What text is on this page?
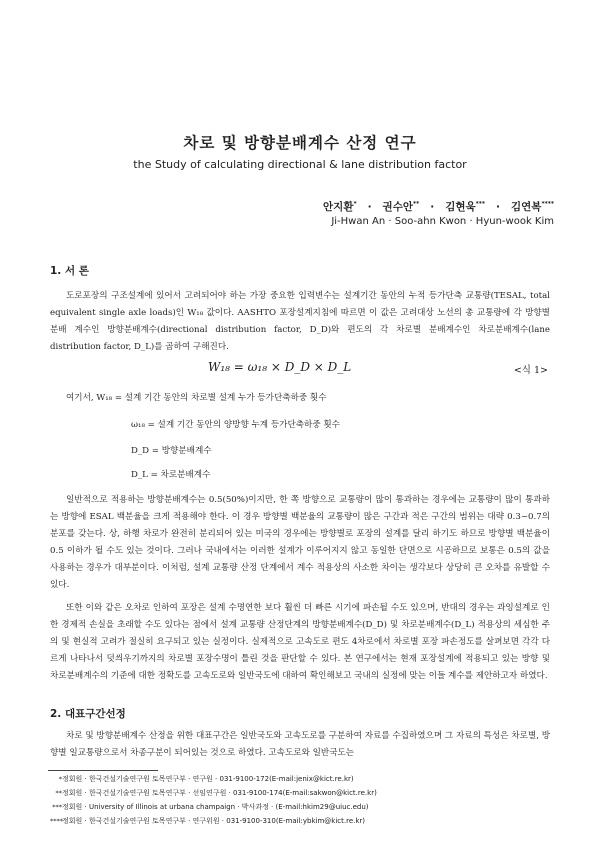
차로 및 방향분배계수 산정 연구
the Study of calculating directional & lane distribution factor
안지환* · 권수안** · 김현욱*** · 김연복****
Ji-Hwan An · Soo-ahn Kwon · Hyun-wook Kim
1. 서 론

도로포장의 구조설계에 있어서 고려되어야 하는 가장 중요한 입력변수는 설계기간 동안의 누적 등가단축 교통량(TESAL, total equivalent single axle loads)인 W₁₈ 값이다. AASHTO 포장설계지침에 따르면 이 값은 고려대상 노선의 총 교통량에 각 방향별 분배 계수인 방향분배계수(directional distribution factor, D_D)와 편도의 각 차로별 분배계수인 차로분배계수(lane distribution factor, D_L)를 곱하여 구해진다.

W₁₈ = ω₁₈ × D_D × D_L	<식 1>
여기서, W₁₈ = 설계 기간 동안의 차로별 설계 누가 등가단축하중 횟수
ω₁₈ = 설계 기간 동안의 양방향 누계 등가단축하중 횟수
D_D = 방향분배계수
D_L = 차로분배계수

일반적으로 적용하는 방향분배계수는 0.5(50%)이지만, 한 쪽 방향으로 교통량이 많이 통과하는 경우에는 교통량이 많이 통과하는 방향에 ESAL 백분율을 크게 적용해야 한다. 이 경우 방향별 백분율의 교통량이 많은 구간과 적은 구간의 범위는 대략 0.3~0.7의 분포를 갖는다. 상, 하행 차로가 완전히 분리되어 있는 미국의 경우에는 방향별로 포장의 설계를 달리 하기도 하므로 방향별 백분율이 0.5 이하가 될 수도 있는 것이다. 그러나 국내에서는 이러한 설계가 이루어지지 않고 동일한 단면으로 시공하므로 보통은 0.5의 값을 사용하는 경우가 대부분이다. 이처럼, 설계 교통량 산정 단계에서 계수 적용상의 사소한 차이는 생각보다 상당히 큰 오차를 유발할 수 있다.

또한 이와 같은 오차로 인하여 포장은 설계 수명연한 보다 훨씬 더 빠른 시기에 파손될 수도 있으며, 반대의 경우는 과잉설계로 인한 경제적 손실을 초래할 수도 있다는 점에서 설계 교통량 산정단계의 방향분배계수(D_D) 및 차로분배계수(D_L) 적용상의 세심한 주의 및 현실적 고려가 절실히 요구되고 있는 실정이다. 실제적으로 고속도로 편도 4차로에서 차로별 포장 파손정도를 살펴보면 각각 다르게 나타나서 덧씌우기까지의 차로별 포장수명이 틀린 것을 판단할 수 있다. 본 연구에서는 현재 포장설계에 적용되고 있는 방향 및 차로분배계수의 기준에 대한 정확도를 고속도로와 일반국도에 대하여 확인해보고 국내의 실정에 맞는 이들 계수를 제안하고자 하였다.

2. 대표구간선정

차로 및 방향분배계수 산정을 위한 대표구간은 일반국도와 고속도로를 구분하여 자료를 수집하였으며 그 자료의 특성은 차로별, 방향별 일교통량으로서 차종구분이 되어있는 것으로 하였다. 고속도로와 일반국도는

*정회원 · 한국건설기술연구원 토목연구부 · 연구원 · 031-9100-172(E-mail:jenix@kict.re.kr)
**정회원 · 한국건설기술연구원 토목연구부 · 선임연구원 · 031-9100-174(E-mail:sakwon@kict.re.kr)
***정회원 · University of Illinois at urbana champaign · 박사과정 · (E-mail:hkim29@uiuc.edu)
****정회원 · 한국건설기술연구원 토목연구부 · 연구위원 · 031-9100-310(E-mail:ybkim@kict.re.kr)
